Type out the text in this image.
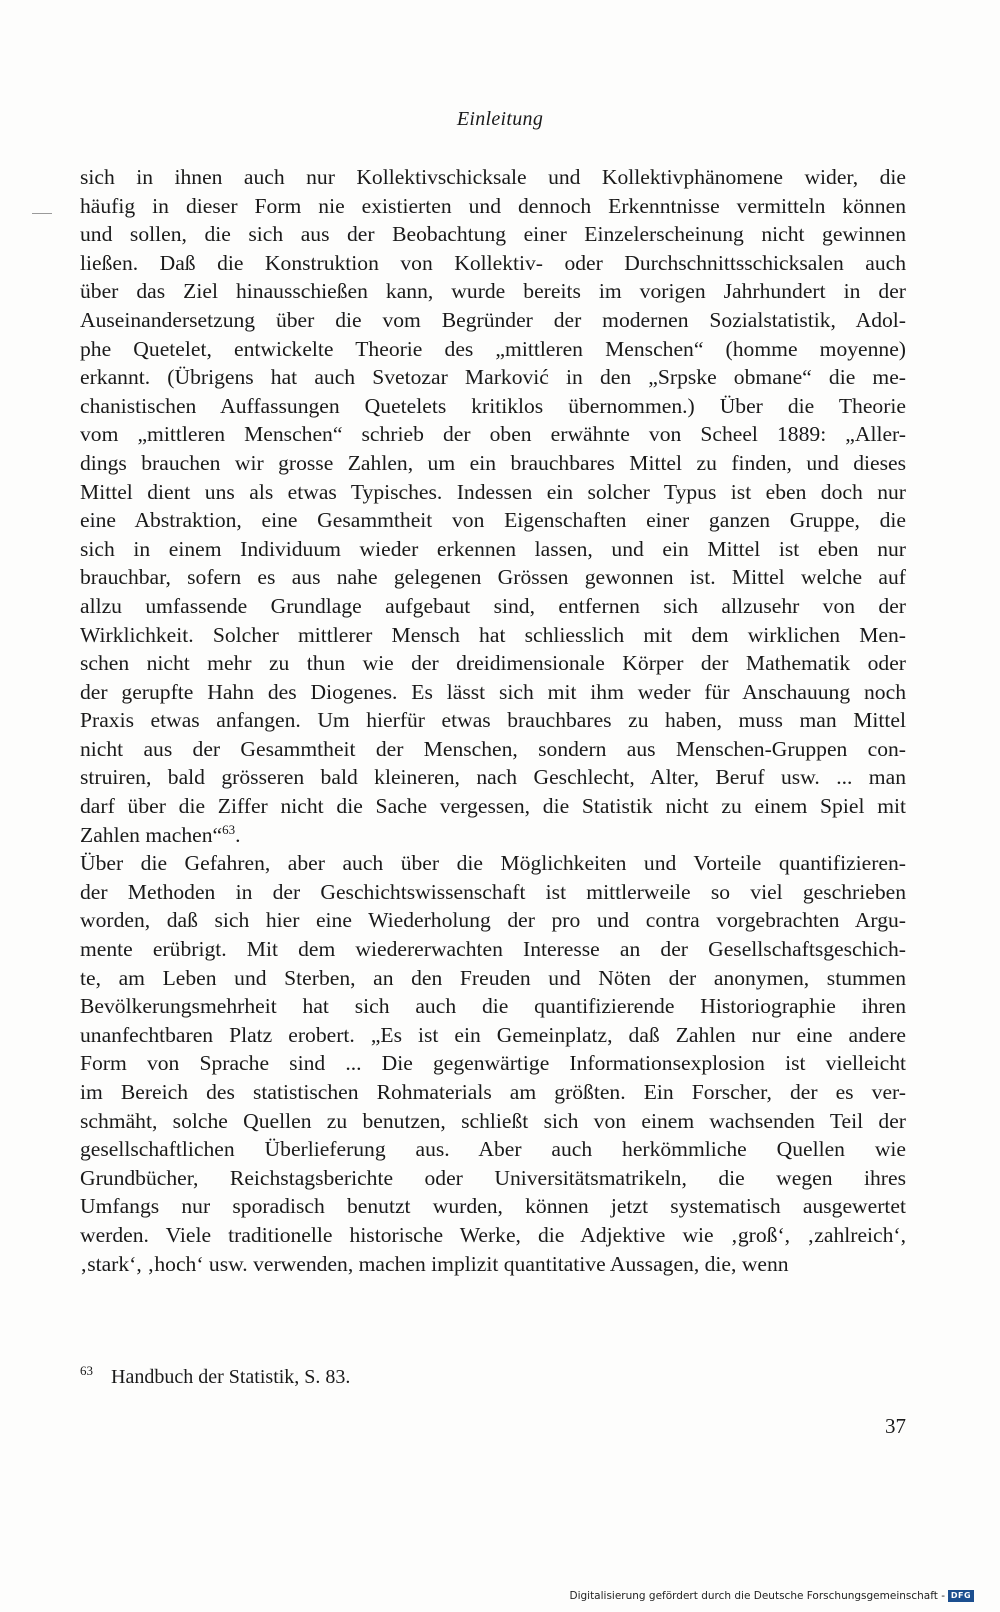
Einleitung
sich in ihnen auch nur Kollektivschicksale und Kollektivphänomene wider, die
häufig in dieser Form nie existierten und dennoch Erkenntnisse vermitteln können
und sollen, die sich aus der Beobachtung einer Einzelerscheinung nicht gewinnen
ließen. Daß die Konstruktion von Kollektiv- oder Durchschnittsschicksalen auch
über das Ziel hinausschießen kann, wurde bereits im vorigen Jahrhundert in der
Auseinandersetzung über die vom Begründer der modernen Sozialstatistik, Adol-
phe Quetelet, entwickelte Theorie des „mittleren Menschen“ (homme moyenne)
erkannt. (Übrigens hat auch Svetozar Marković in den „Srpske obmane“ die me-
chanistischen Auffassungen Quetelets kritiklos übernommen.) Über die Theorie
vom „mittleren Menschen“ schrieb der oben erwähnte von Scheel 1889: „Aller-
dings brauchen wir grosse Zahlen, um ein brauchbares Mittel zu finden, und dieses
Mittel dient uns als etwas Typisches. Indessen ein solcher Typus ist eben doch nur
eine Abstraktion, eine Gesammtheit von Eigenschaften einer ganzen Gruppe, die
sich in einem Individuum wieder erkennen lassen, und ein Mittel ist eben nur
brauchbar, sofern es aus nahe gelegenen Grössen gewonnen ist. Mittel welche auf
allzu umfassende Grundlage aufgebaut sind, entfernen sich allzusehr von der
Wirklichkeit. Solcher mittlerer Mensch hat schliesslich mit dem wirklichen Men-
schen nicht mehr zu thun wie der dreidimensionale Körper der Mathematik oder
der gerupfte Hahn des Diogenes. Es lässt sich mit ihm weder für Anschauung noch
Praxis etwas anfangen. Um hierfür etwas brauchbares zu haben, muss man Mittel
nicht aus der Gesammtheit der Menschen, sondern aus Menschen-Gruppen con-
struiren, bald grösseren bald kleineren, nach Geschlecht, Alter, Beruf usw. ... man
darf über die Ziffer nicht die Sache vergessen, die Statistik nicht zu einem Spiel mit
Zahlen machen“$^{63}$.
Über die Gefahren, aber auch über die Möglichkeiten und Vorteile quantifizieren-
der Methoden in der Geschichtswissenschaft ist mittlerweile so viel geschrieben
worden, daß sich hier eine Wiederholung der pro und contra vorgebrachten Argu-
mente erübrigt. Mit dem wiedererwachten Interesse an der Gesellschaftsgeschich-
te, am Leben und Sterben, an den Freuden und Nöten der anonymen, stummen
Bevölkerungsmehrheit hat sich auch die quantifizierende Historiographie ihren
unanfechtbaren Platz erobert. „Es ist ein Gemeinplatz, daß Zahlen nur eine andere
Form von Sprache sind ... Die gegenwärtige Informationsexplosion ist vielleicht
im Bereich des statistischen Rohmaterials am größten. Ein Forscher, der es ver-
schmäht, solche Quellen zu benutzen, schließt sich von einem wachsenden Teil der
gesellschaftlichen Überlieferung aus. Aber auch herkömmliche Quellen wie
Grundbücher, Reichstagsberichte oder Universitätsmatrikeln, die wegen ihres
Umfangs nur sporadisch benutzt wurden, können jetzt systematisch ausgewertet
werden. Viele traditionelle historische Werke, die Adjektive wie ‚groß‘, ‚zahlreich‘,
‚stark‘, ‚hoch‘ usw. verwenden, machen implizit quantitative Aussagen, die, wenn
$^{63}$ Handbuch der Statistik, S. 83.
37
Digitalisierung gefördert durch die Deutsche Forschungsgemeinschaft - DFG
